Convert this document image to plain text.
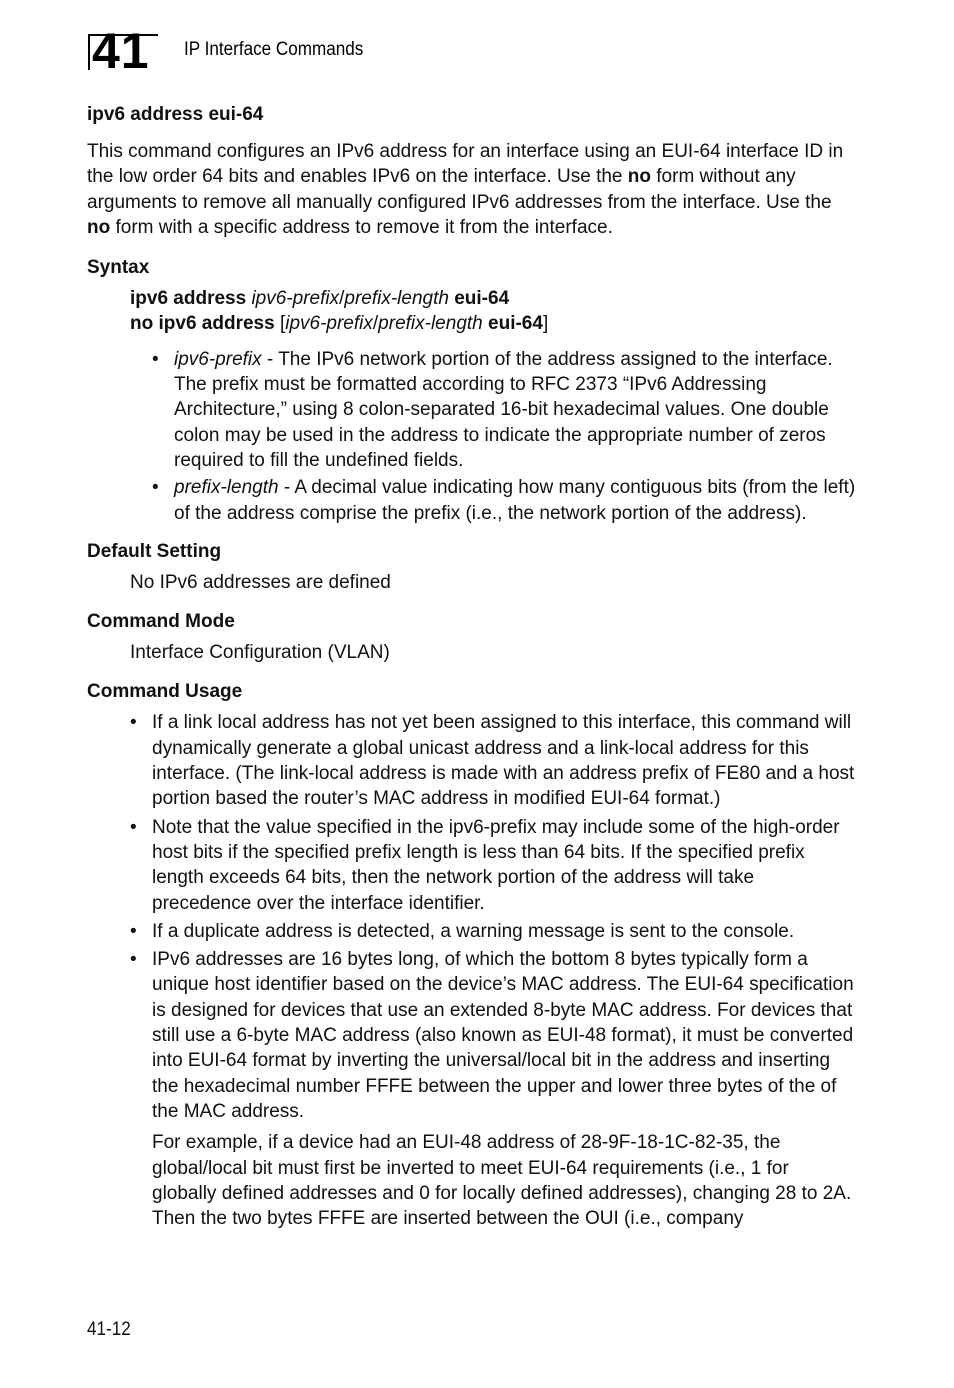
41 IP Interface Commands
ipv6 address eui-64

This command configures an IPv6 address for an interface using an EUI-64 interface ID in the low order 64 bits and enables IPv6 on the interface. Use the no form without any arguments to remove all manually configured IPv6 addresses from the interface. Use the no form with a specific address to remove it from the interface.

Syntax
ipv6 address ipv6-prefix/prefix-length eui-64
no ipv6 address [ipv6-prefix/prefix-length eui-64]
• ipv6-prefix - The IPv6 network portion of the address assigned to the interface. The prefix must be formatted according to RFC 2373 “IPv6 Addressing Architecture,” using 8 colon-separated 16-bit hexadecimal values. One double colon may be used in the address to indicate the appropriate number of zeros required to fill the undefined fields.
• prefix-length - A decimal value indicating how many contiguous bits (from the left) of the address comprise the prefix (i.e., the network portion of the address).
Default Setting
No IPv6 addresses are defined
Command Mode
Interface Configuration (VLAN)
Command Usage
• If a link local address has not yet been assigned to this interface, this command will dynamically generate a global unicast address and a link-local address for this interface. (The link-local address is made with an address prefix of FE80 and a host portion based the router’s MAC address in modified EUI-64 format.)
• Note that the value specified in the ipv6-prefix may include some of the high-order host bits if the specified prefix length is less than 64 bits. If the specified prefix length exceeds 64 bits, then the network portion of the address will take precedence over the interface identifier.
• If a duplicate address is detected, a warning message is sent to the console.
• IPv6 addresses are 16 bytes long, of which the bottom 8 bytes typically form a unique host identifier based on the device’s MAC address. The EUI-64 specification is designed for devices that use an extended 8-byte MAC address. For devices that still use a 6-byte MAC address (also known as EUI-48 format), it must be converted into EUI-64 format by inverting the universal/local bit in the address and inserting the hexadecimal number FFFE between the upper and lower three bytes of the of the MAC address.
For example, if a device had an EUI-48 address of 28-9F-18-1C-82-35, the global/local bit must first be inverted to meet EUI-64 requirements (i.e., 1 for globally defined addresses and 0 for locally defined addresses), changing 28 to 2A. Then the two bytes FFFE are inserted between the OUI (i.e., company
41-12
